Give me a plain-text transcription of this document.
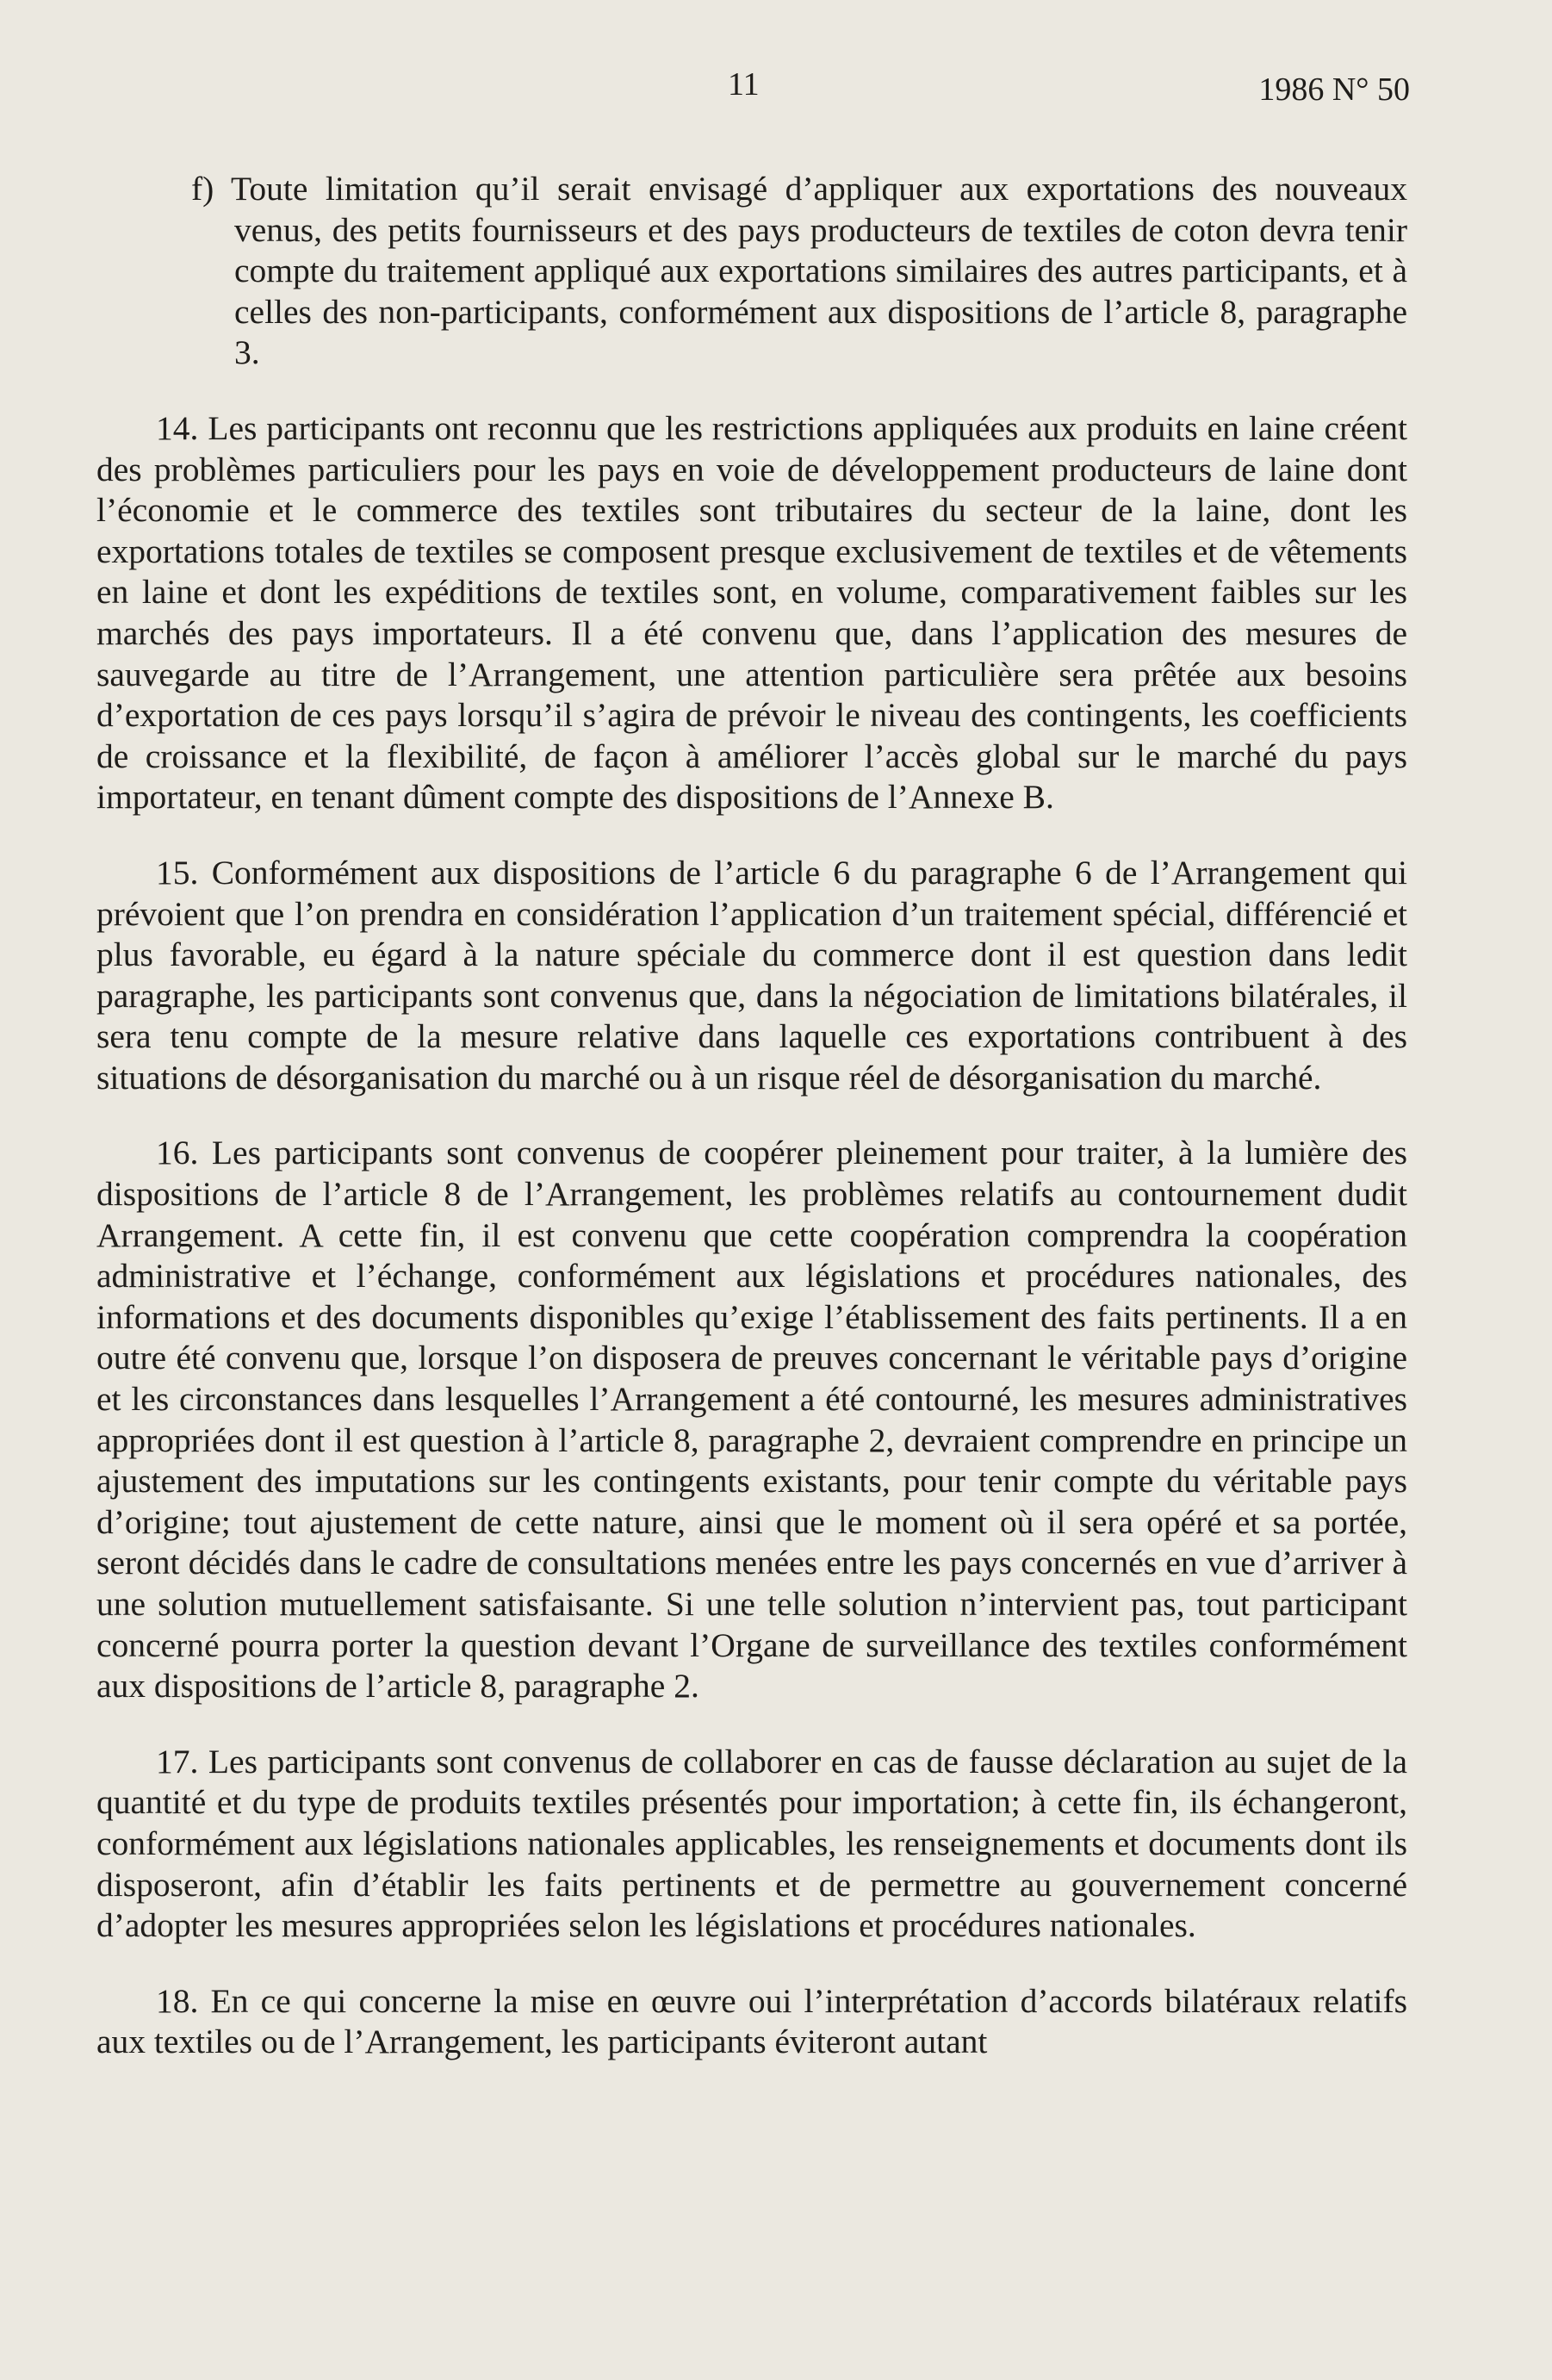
11	1986 N° 50

f) Toute limitation qu’il serait envisagé d’appliquer aux exportations des nouveaux venus, des petits fournisseurs et des pays producteurs de textiles de coton devra tenir compte du traitement appliqué aux exportations similaires des autres participants, et à celles des non-participants, conformément aux dispositions de l’article 8, paragraphe 3.

14. Les participants ont reconnu que les restrictions appliquées aux produits en laine créent des problèmes particuliers pour les pays en voie de développement producteurs de laine dont l’économie et le commerce des textiles sont tributaires du secteur de la laine, dont les exportations totales de textiles se composent presque exclusivement de textiles et de vêtements en laine et dont les expéditions de textiles sont, en volume, comparativement faibles sur les marchés des pays importateurs. Il a été convenu que, dans l’application des mesures de sauvegarde au titre de l’Arrangement, une attention particulière sera prêtée aux besoins d’exportation de ces pays lorsqu’il s’agira de prévoir le niveau des contingents, les coefficients de croissance et la flexibilité, de façon à améliorer l’accès global sur le marché du pays importateur, en tenant dûment compte des dispositions de l’Annexe B.

15. Conformément aux dispositions de l’article 6 du paragraphe 6 de l’Arrangement qui prévoient que l’on prendra en considération l’application d’un traitement spécial, différencié et plus favorable, eu égard à la nature spéciale du commerce dont il est question dans ledit paragraphe, les participants sont convenus que, dans la négociation de limitations bilatérales, il sera tenu compte de la mesure relative dans laquelle ces exportations contribuent à des situations de désorganisation du marché ou à un risque réel de désorganisation du marché.

16. Les participants sont convenus de coopérer pleinement pour traiter, à la lumière des dispositions de l’article 8 de l’Arrangement, les problèmes relatifs au contournement dudit Arrangement. A cette fin, il est convenu que cette coopération comprendra la coopération administrative et l’échange, conformément aux législations et procédures nationales, des informations et des documents disponibles qu’exige l’établissement des faits pertinents. Il a en outre été convenu que, lorsque l’on disposera de preuves concernant le véritable pays d’origine et les circonstances dans lesquelles l’Arrangement a été contourné, les mesures administratives appropriées dont il est question à l’article 8, paragraphe 2, devraient comprendre en principe un ajustement des imputations sur les contingents existants, pour tenir compte du véritable pays d’origine; tout ajustement de cette nature, ainsi que le moment où il sera opéré et sa portée, seront décidés dans le cadre de consultations menées entre les pays concernés en vue d’arriver à une solution mutuellement satisfaisante. Si une telle solution n’intervient pas, tout participant concerné pourra porter la question devant l’Organe de surveillance des textiles conformément aux dispositions de l’article 8, paragraphe 2.

17. Les participants sont convenus de collaborer en cas de fausse déclaration au sujet de la quantité et du type de produits textiles présentés pour importation; à cette fin, ils échangeront, conformément aux législations nationales applicables, les renseignements et documents dont ils disposeront, afin d’établir les faits pertinents et de permettre au gouvernement concerné d’adopter les mesures appropriées selon les législations et procédures nationales.

18. En ce qui concerne la mise en œuvre oui l’interprétation d’accords bilatéraux relatifs aux textiles ou de l’Arrangement, les participants éviteront autant
